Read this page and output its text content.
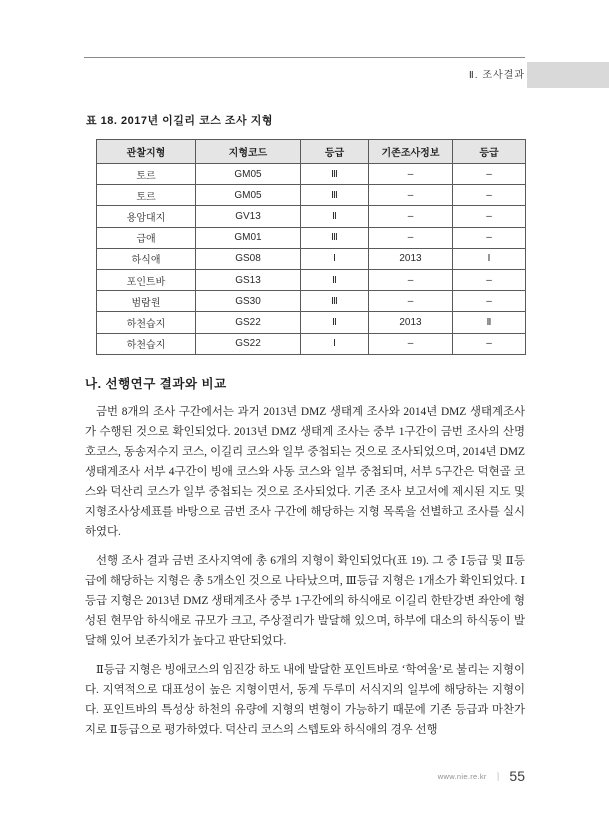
Ⅱ. 조사결과
표 18. 2017년 이길리 코스 조사 지형
관찰지형	지형코드	등급	기존조사정보	등급
토르	GM05	Ⅲ	–	–
토르	GM05	Ⅲ	–	–
용암대지	GV13	Ⅱ	–	–
급애	GM01	Ⅲ	–	–
하식애	GS08	Ⅰ	2013	Ⅰ
포인트바	GS13	Ⅱ	–	–
범람원	GS30	Ⅲ	–	–
하천습지	GS22	Ⅱ	2013	Ⅱ
하천습지	GS22	Ⅰ	–	–
나. 선행연구 결과와 비교

금번 8개의 조사 구간에서는 과거 2013년 DMZ 생태계 조사와 2014년 DMZ 생태계조사가 수행된 것으로 확인되었다. 2013년 DMZ 생태계 조사는 중부 1구간이 금번 조사의 산명호코스, 동송저수지 코스, 이길리 코스와 일부 중첩되는 것으로 조사되었으며, 2014년 DMZ 생태계조사 서부 4구간이 빙애 코스와 사동 코스와 일부 중첩되며, 서부 5구간은 덕현골 코스와 덕산리 코스가 일부 중첩되는 것으로 조사되었다. 기존 조사 보고서에 제시된 지도 및 지형조사상세표를 바탕으로 금번 조사 구간에 해당하는 지형 목록을 선별하고 조사를 실시하였다.

선행 조사 결과 금번 조사지역에 총 6개의 지형이 확인되었다(표 19). 그 중 Ⅰ등급 및 Ⅱ등급에 해당하는 지형은 총 5개소인 것으로 나타났으며, Ⅲ등급 지형은 1개소가 확인되었다. Ⅰ등급 지형은 2013년 DMZ 생태계조사 중부 1구간에의 하식애로 이길리 한탄강변 좌안에 형성된 현무암 하식애로 규모가 크고, 주상절리가 발달해 있으며, 하부에 대소의 하식동이 발달해 있어 보존가치가 높다고 판단되었다.

Ⅱ등급 지형은 빙애코스의 임진강 하도 내에 발달한 포인트바로 ‘학여울’로 불리는 지형이다. 지역적으로 대표성이 높은 지형이면서, 동계 두루미 서식지의 일부에 해당하는 지형이다. 포인트바의 특성상 하천의 유량에 지형의 변형이 가능하기 때문에 기존 등급과 마찬가지로 Ⅱ등급으로 평가하였다. 덕산리 코스의 스텝토와 하식애의 경우 선행

www.nie.re.kr ㅣ 55
